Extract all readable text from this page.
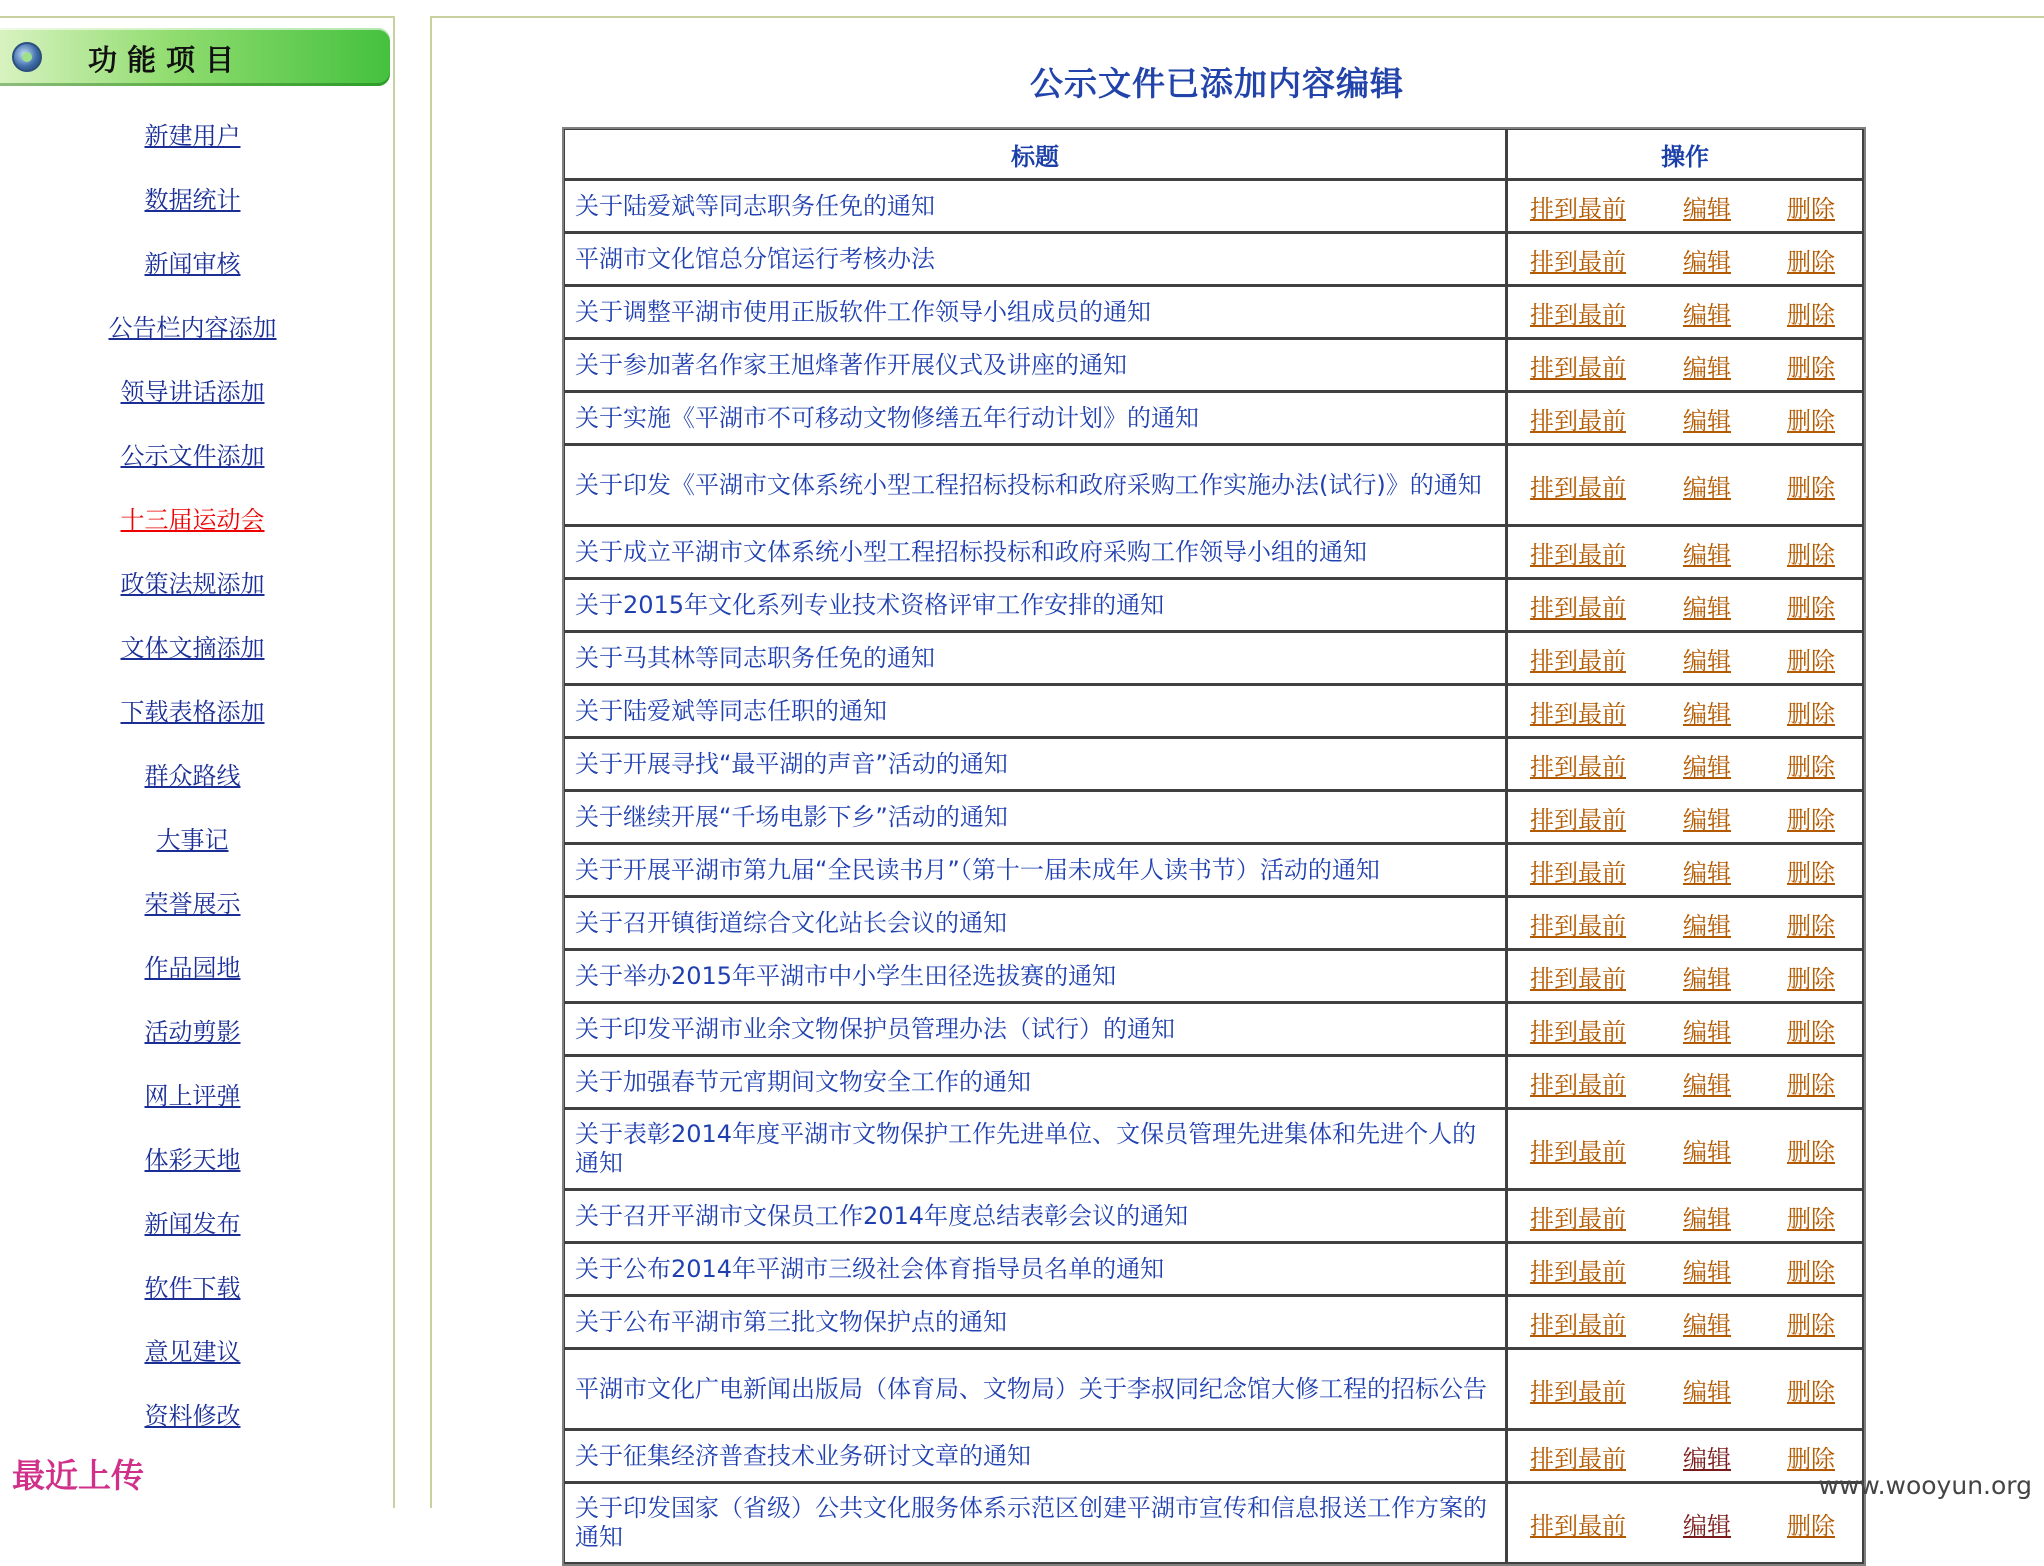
功能项目
新建用户
数据统计
新闻审核
公告栏内容添加
领导讲话添加
公示文件添加
十三届运动会
政策法规添加
文体文摘添加
下载表格添加
群众路线
大事记
荣誉展示
作品园地
活动剪影
网上评弹
体彩天地
新闻发布
软件下载
意见建议
资料修改
最近上传
公示文件已添加内容编辑
标题	操作
关于陆爱斌等同志职务任免的通知	排到最前 编辑 删除

平湖市文化馆总分馆运行考核办法	排到最前 编辑 删除

关于调整平湖市使用正版软件工作领导小组成员的通知	排到最前 编辑 删除

关于参加著名作家王旭烽著作开展仪式及讲座的通知	排到最前 编辑 删除

关于实施《平湖市不可移动文物修缮五年行动计划》的通知	排到最前 编辑 删除

关于印发《平湖市文体系统小型工程招标投标和政府采购工作实施办法(试行)》的通知	排到最前 编辑 删除

关于成立平湖市文体系统小型工程招标投标和政府采购工作领导小组的通知	排到最前 编辑 删除

关于2015年文化系列专业技术资格评审工作安排的通知	排到最前 编辑 删除

关于马其林等同志职务任免的通知	排到最前 编辑 删除

关于陆爱斌等同志任职的通知	排到最前 编辑 删除

关于开展寻找“最平湖的声音”活动的通知	排到最前 编辑 删除

关于继续开展“千场电影下乡”活动的通知	排到最前 编辑 删除

关于开展平湖市第九届“全民读书月”（第十一届未成年人读书节）活动的通知	排到最前 编辑 删除

关于召开镇街道综合文化站长会议的通知	排到最前 编辑 删除

关于举办2015年平湖市中小学生田径选拔赛的通知	排到最前 编辑 删除

关于印发平湖市业余文物保护员管理办法（试行）的通知	排到最前 编辑 删除

关于加强春节元宵期间文物安全工作的通知	排到最前 编辑 删除

关于表彰2014年度平湖市文物保护工作先进单位、文保员管理先进集体和先进个人的通知	排到最前 编辑 删除

关于召开平湖市文保员工作2014年度总结表彰会议的通知	排到最前 编辑 删除

关于公布2014年平湖市三级社会体育指导员名单的通知	排到最前 编辑 删除

关于公布平湖市第三批文物保护点的通知	排到最前 编辑 删除

平湖市文化广电新闻出版局（体育局、文物局）关于李叔同纪念馆大修工程的招标公告	排到最前 编辑 删除

关于征集经济普查技术业务研讨文章的通知	排到最前 编辑 删除

关于印发国家（省级）公共文化服务体系示范区创建平湖市宣传和信息报送工作方案的通知	排到最前 编辑 删除
www.wooyun.org
